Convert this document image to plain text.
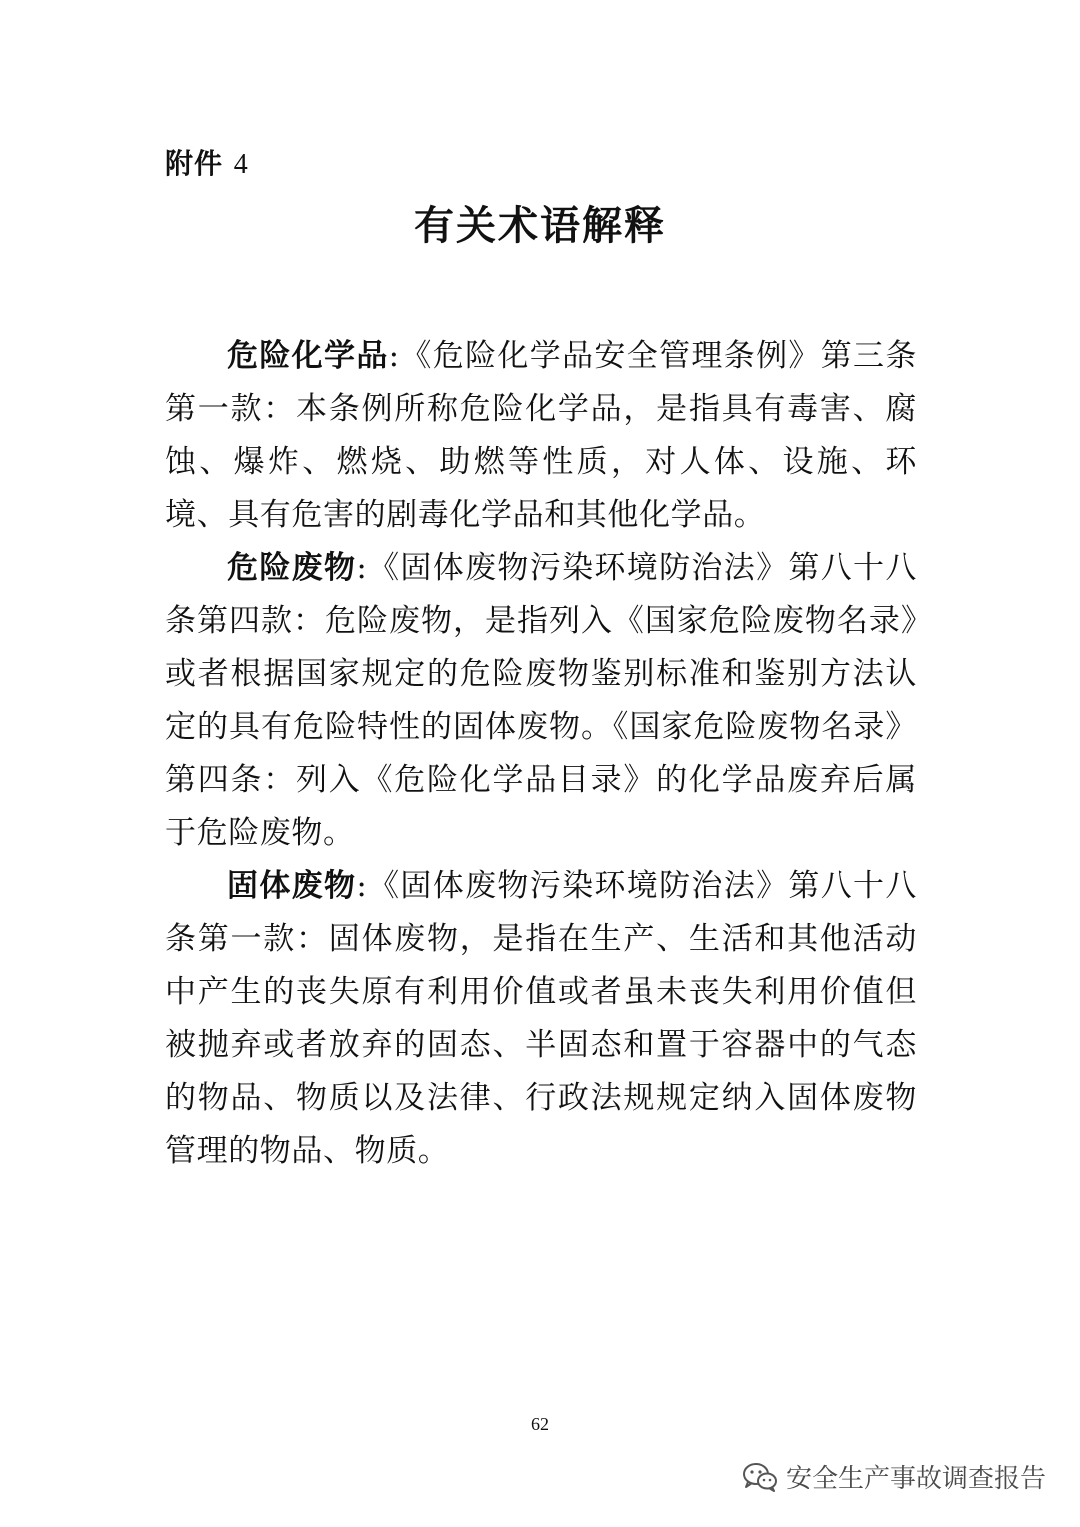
附件 4
有关术语解释

危险化学品:《危险化学品安全管理条例》第三条第一款：本条例所称危险化学品，是指具有毒害、腐蚀、爆炸、燃烧、助燃等性质，对人体、设施、环境、具有危害的剧毒化学品和其他化学品。

危险废物:《固体废物污染环境防治法》第八十八条第四款：危险废物，是指列入《国家危险废物名录》或者根据国家规定的危险废物鉴别标准和鉴别方法认定的具有危险特性的固体废物。《国家危险废物名录》第四条：列入《危险化学品目录》的化学品废弃后属于危险废物。

固体废物:《固体废物污染环境防治法》第八十八条第一款：固体废物，是指在生产、生活和其他活动中产生的丧失原有利用价值或者虽未丧失利用价值但被抛弃或者放弃的固态、半固态和置于容器中的气态的物品、物质以及法律、行政法规规定纳入固体废物管理的物品、物质。

62
安全生产事故调查报告
